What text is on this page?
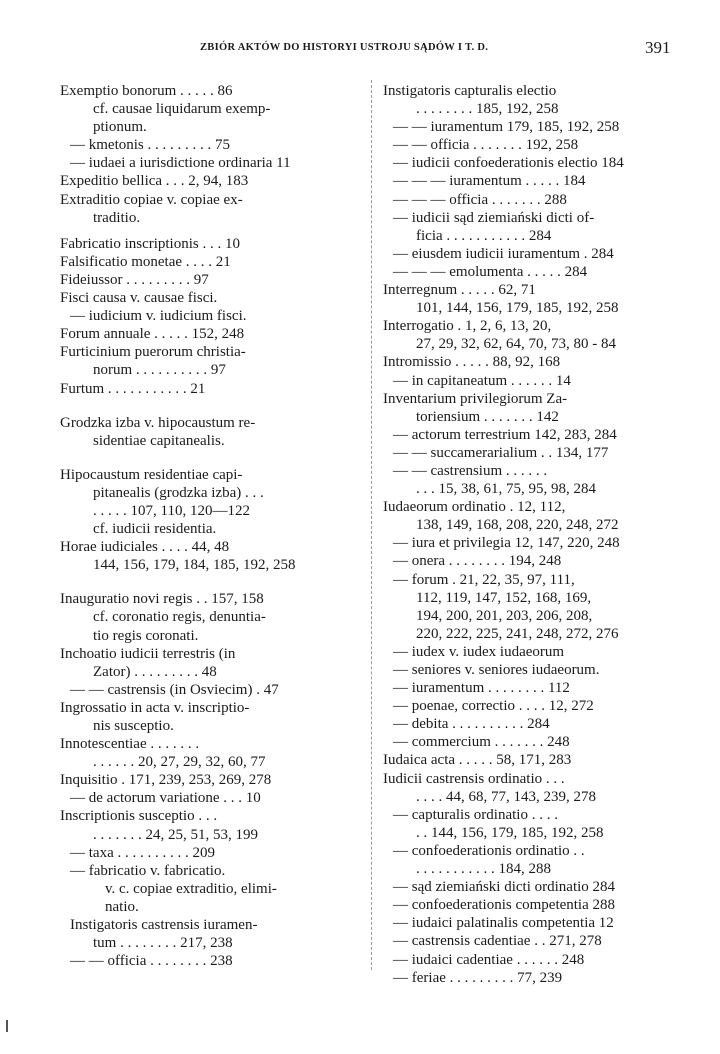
ZBIÓR AKTÓW DO HISTORYI USTROJU SĄDÓW I T. D.	391
Exemptio bonorum . . . . . 86
cf. causae liquidarum exemp-
ptionum.
— kmetonis . . . . . . . . . 75
— iudaei a iurisdictione ordinaria 11
Expeditio bellica . . . 2, 94, 183
Extraditio copiae v. copiae ex-
traditio.
Fabricatio inscriptionis . . . 10
Falsificatio monetae . . . . 21
Fideiussor . . . . . . . . . 97
Fisci causa v. causae fisci.
— iudicium v. iudicium fisci.
Forum annuale . . . . . 152, 248
Furticinium puerorum christia-
norum . . . . . . . . . . 97
Furtum . . . . . . . . . . . 21
Grodzka izba v. hipocaustum re-
sidentiae capitanealis.
Hipocaustum residentiae capi-
pitanealis (grodzka izba) . . .
. . . . . 107, 110, 120—122
cf. iudicii residentia.
Horae iudiciales . . . . 44, 48
144, 156, 179, 184, 185, 192, 258
Inauguratio novi regis . . 157, 158
cf. coronatio regis, denuntia-
tio regis coronati.
Inchoatio iudicii terrestris (in
Zator) . . . . . . . . . 48
— — castrensis (in Osviecim) . 47
Ingrossatio in acta v. inscriptio-
nis susceptio.
Innotescentiae . . . . . . .
. . . . . . 20, 27, 29, 32, 60, 77
Inquisitio . 171, 239, 253, 269, 278
— de actorum variatione . . . 10
Inscriptionis susceptio . . .
. . . . . . . 24, 25, 51, 53, 199
— taxa . . . . . . . . . . 209
— fabricatio v. fabricatio.
v. c. copiae extraditio, elimi-
natio.
Instigatoris castrensis iuramen-
tum . . . . . . . . 217, 238
— — officia . . . . . . . . 238
Instigatoris capturalis electio
. . . . . . . . 185, 192, 258
— — iuramentum 179, 185, 192, 258
— — officia . . . . . . . 192, 258
— iudicii confoederationis electio 184
— — — iuramentum . . . . . 184
— — — officia . . . . . . . 288
— iudicii sąd ziemiański dicti of-
ficia . . . . . . . . . . . 284
— eiusdem iudicii iuramentum . 284
— — — emolumenta . . . . . 284
Interregnum . . . . . 62, 71
101, 144, 156, 179, 185, 192, 258
Interrogatio . 1, 2, 6, 13, 20,
27, 29, 32, 62, 64, 70, 73, 80 - 84
Intromissio . . . . . 88, 92, 168
— in capitaneatum . . . . . . 14
Inventarium privilegiorum Za-
toriensium . . . . . . . 142
— actorum terrestrium 142, 283, 284
— — succamerarialium . . 134, 177
— — castrensium . . . . . .
. . . 15, 38, 61, 75, 95, 98, 284
Iudaeorum ordinatio . 12, 112,
138, 149, 168, 208, 220, 248, 272
— iura et privilegia 12, 147, 220, 248
— onera . . . . . . . . 194, 248
— forum . 21, 22, 35, 97, 111,
112, 119, 147, 152, 168, 169,
194, 200, 201, 203, 206, 208,
220, 222, 225, 241, 248, 272, 276
— iudex v. iudex iudaeorum
— seniores v. seniores iudaeorum.
— iuramentum . . . . . . . . 112
— poenae, correctio . . . . 12, 272
— debita . . . . . . . . . . 284
— commercium . . . . . . . 248
Iudaica acta . . . . . 58, 171, 283
Iudicii castrensis ordinatio . . .
. . . . 44, 68, 77, 143, 239, 278
— capturalis ordinatio . . . .
. . 144, 156, 179, 185, 192, 258
— confoederationis ordinatio . .
. . . . . . . . . . . 184, 288
— sąd ziemiański dicti ordinatio 284
— confoederationis competentia 288
— iudaici palatinalis competentia 12
— castrensis cadentiae . . 271, 278
— iudaici cadentiae . . . . . . 248
— feriae . . . . . . . . . 77, 239
